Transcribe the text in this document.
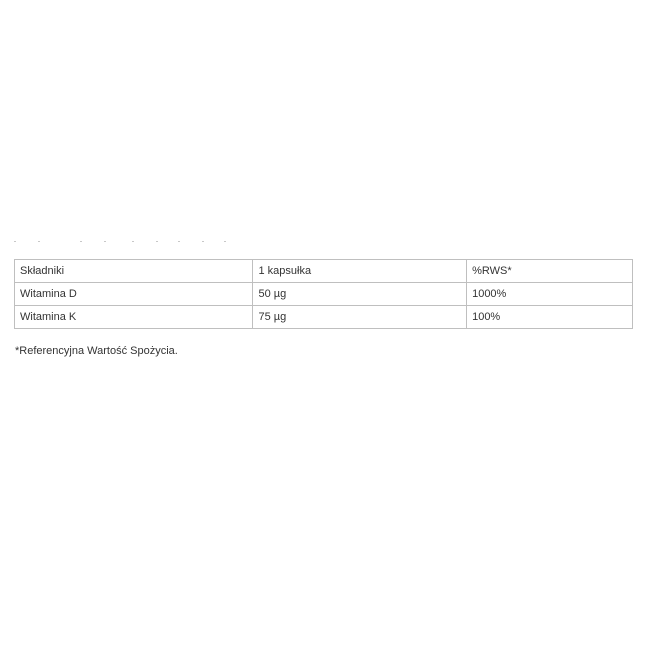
Składniki	1 kapsułka	%RWS*
Witamina D	50 µg	1000%
Witamina K	75 µg	100%
*Referencyjna Wartość Spożycia.
